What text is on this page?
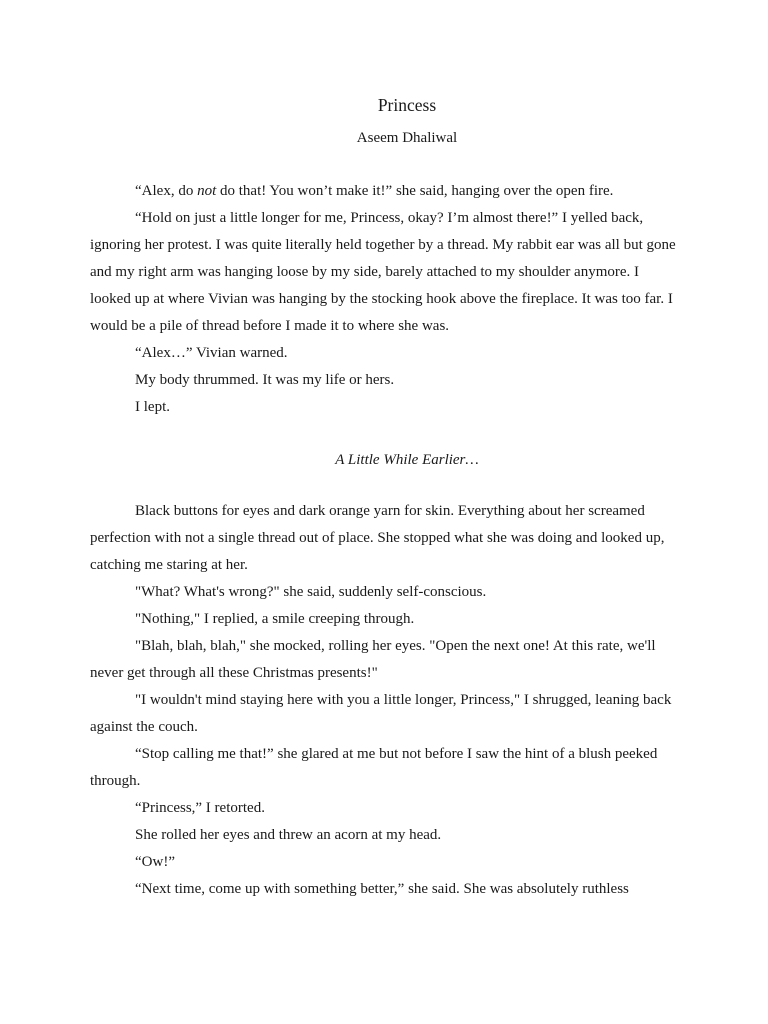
Princess
Aseem Dhaliwal

“Alex, do not do that! You won’t make it!” she said, hanging over the open fire.

“Hold on just a little longer for me, Princess, okay? I’m almost there!” I yelled back, ignoring her protest. I was quite literally held together by a thread. My rabbit ear was all but gone and my right arm was hanging loose by my side, barely attached to my shoulder anymore. I looked up at where Vivian was hanging by the stocking hook above the fireplace. It was too far. I would be a pile of thread before I made it to where she was.

“Alex…” Vivian warned.

My body thrummed. It was my life or hers.

I lept.

A Little While Earlier…

Black buttons for eyes and dark orange yarn for skin. Everything about her screamed perfection with not a single thread out of place. She stopped what she was doing and looked up, catching me staring at her.

"What? What's wrong?" she said, suddenly self-conscious.

"Nothing," I replied, a smile creeping through.

"Blah, blah, blah," she mocked, rolling her eyes. "Open the next one! At this rate, we'll never get through all these Christmas presents!"

"I wouldn't mind staying here with you a little longer, Princess," I shrugged, leaning back against the couch.

“Stop calling me that!” she glared at me but not before I saw the hint of a blush peeked through.

“Princess,” I retorted.

She rolled her eyes and threw an acorn at my head.

“Ow!”

“Next time, come up with something better,” she said. She was absolutely ruthless
